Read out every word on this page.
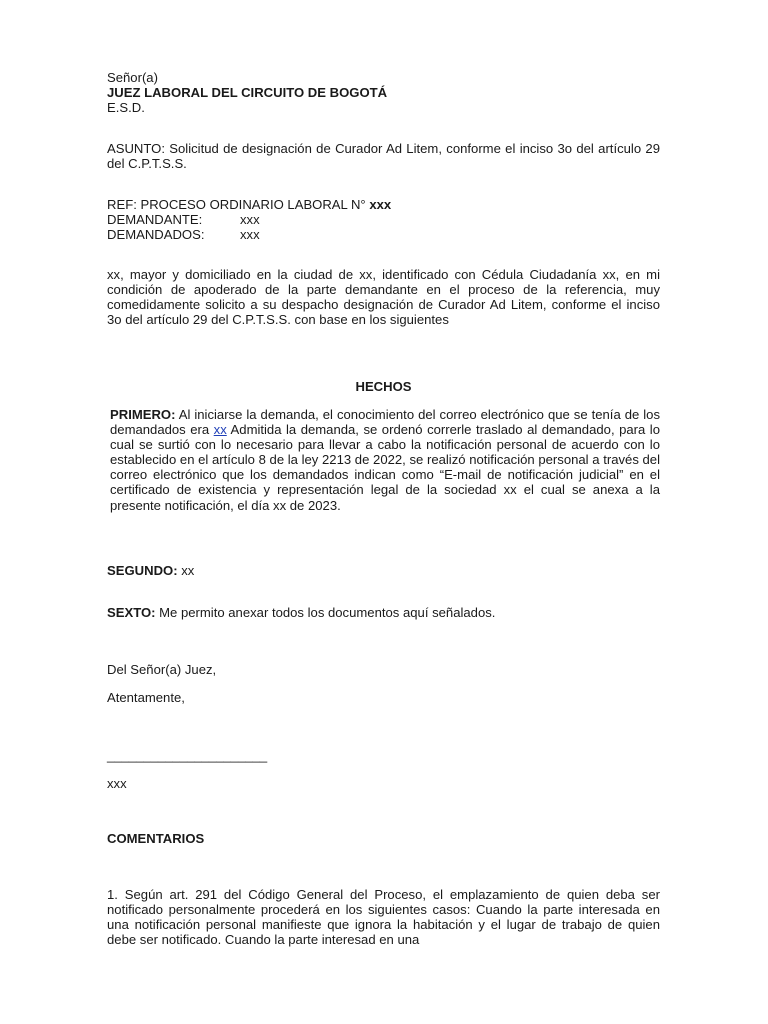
Señor(a)
JUEZ LABORAL DEL CIRCUITO DE BOGOTÁ
E.S.D.
ASUNTO: Solicitud de designación de Curador Ad Litem, conforme el inciso 3o del artículo 29 del C.P.T.S.S.
REF: PROCESO ORDINARIO LABORAL N° xxx
DEMANDANTE:	xxx
DEMANDADOS:	xxx
xx, mayor y domiciliado en la ciudad de xx, identificado con Cédula Ciudadanía xx, en mi condición de apoderado de la parte demandante en el proceso de la referencia, muy comedidamente solicito a su despacho designación de Curador Ad Litem, conforme el inciso 3o del artículo 29 del C.P.T.S.S. con base en los siguientes
HECHOS
PRIMERO: Al iniciarse la demanda, el conocimiento del correo electrónico que se tenía de los demandados era xx Admitida la demanda, se ordenó correrle traslado al demandado, para lo cual se surtió con lo necesario para llevar a cabo la notificación personal de acuerdo con lo establecido en el artículo 8 de la ley 2213 de 2022, se realizó notificación personal a través del correo electrónico que los demandados indican como “E-mail de notificación judicial” en el certificado de existencia y representación legal de la sociedad xx el cual se anexa a la presente notificación, el día xx de 2023.
SEGUNDO: xx
SEXTO: Me permito anexar todos los documentos aquí señalados.
Del Señor(a) Juez,
Atentamente,
______________________
xxx
COMENTARIOS
1. Según art. 291 del Código General del Proceso, el emplazamiento de quien deba ser notificado personalmente procederá en los siguientes casos: Cuando la parte interesada en una notificación personal manifieste que ignora la habitación y el lugar de trabajo de quien debe ser notificado. Cuando la parte interesad en una
